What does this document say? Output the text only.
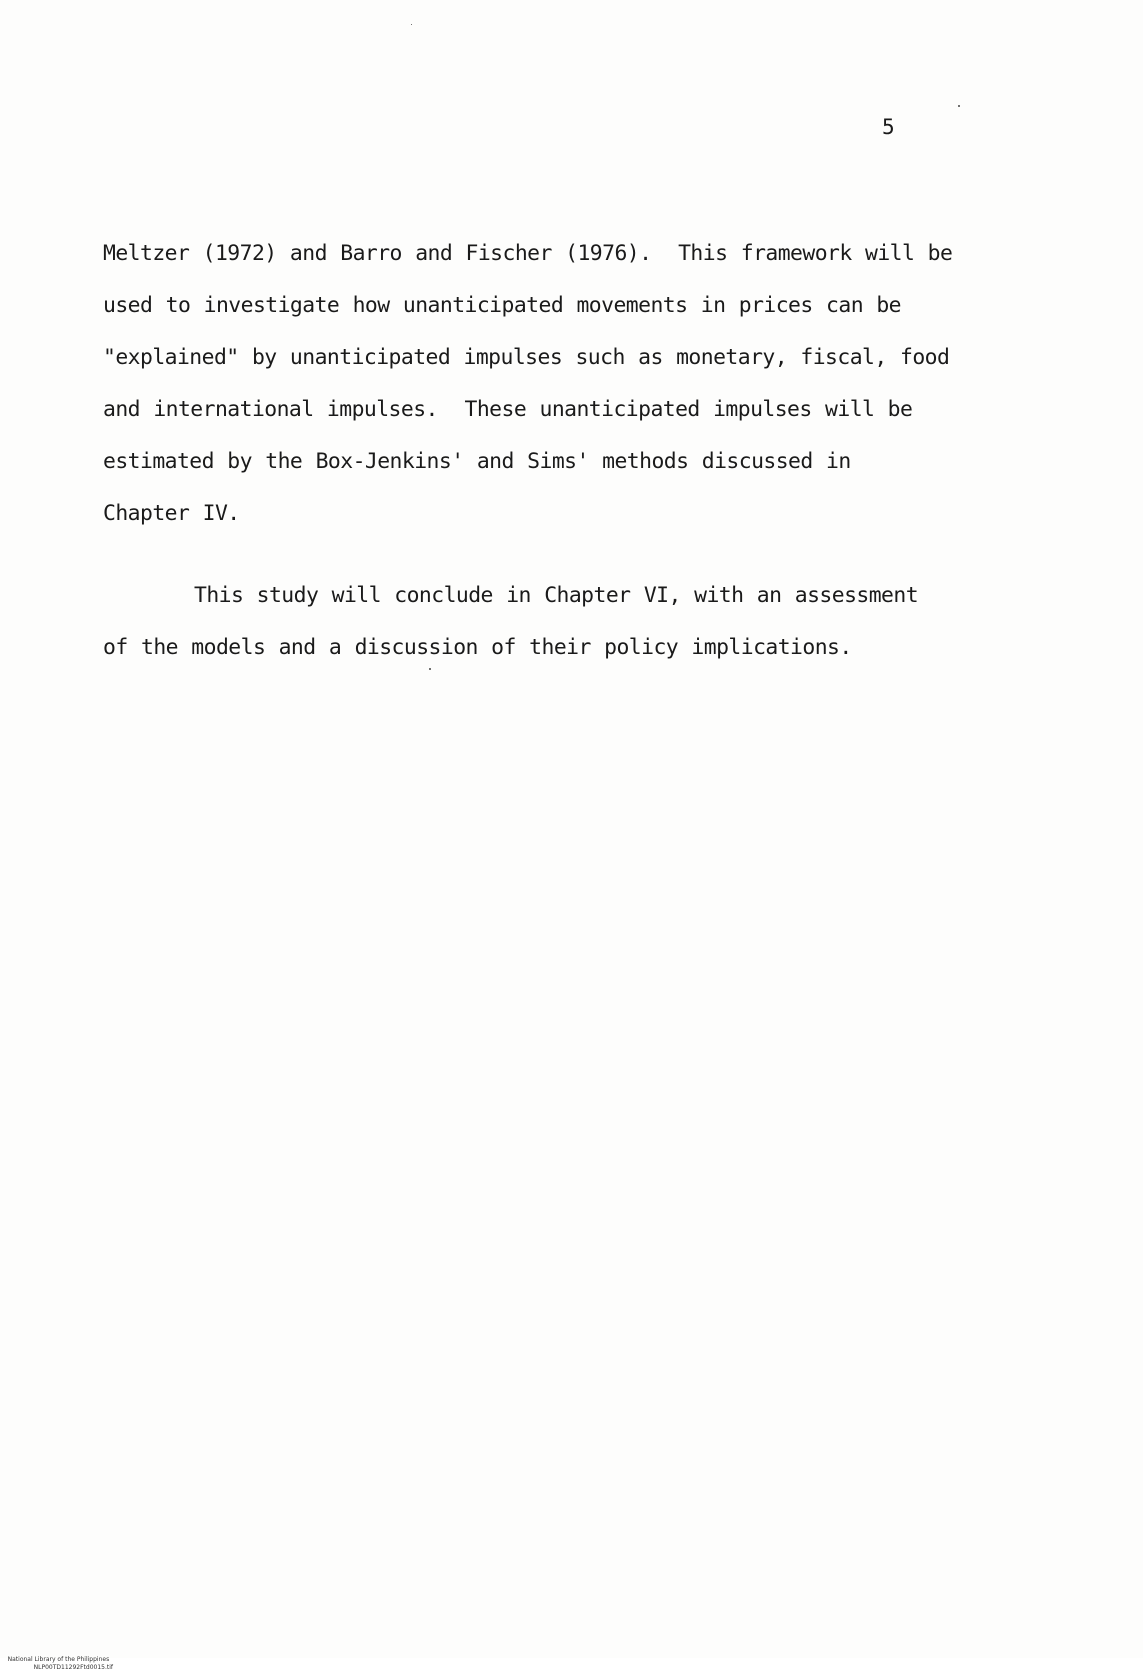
5
Meltzer (1972) and Barro and Fischer (1976).  This framework will be
used to investigate how unanticipated movements in prices can be
"explained" by unanticipated impulses such as monetary, fiscal, food
and international impulses.  These unanticipated impulses will be
estimated by the Box-Jenkins' and Sims' methods discussed in
Chapter IV.
This study will conclude in Chapter VI, with an assessment
of the models and a discussion of their policy implications.

National Library of the Philippines
NLP00TD11292Ftd0015.tif
